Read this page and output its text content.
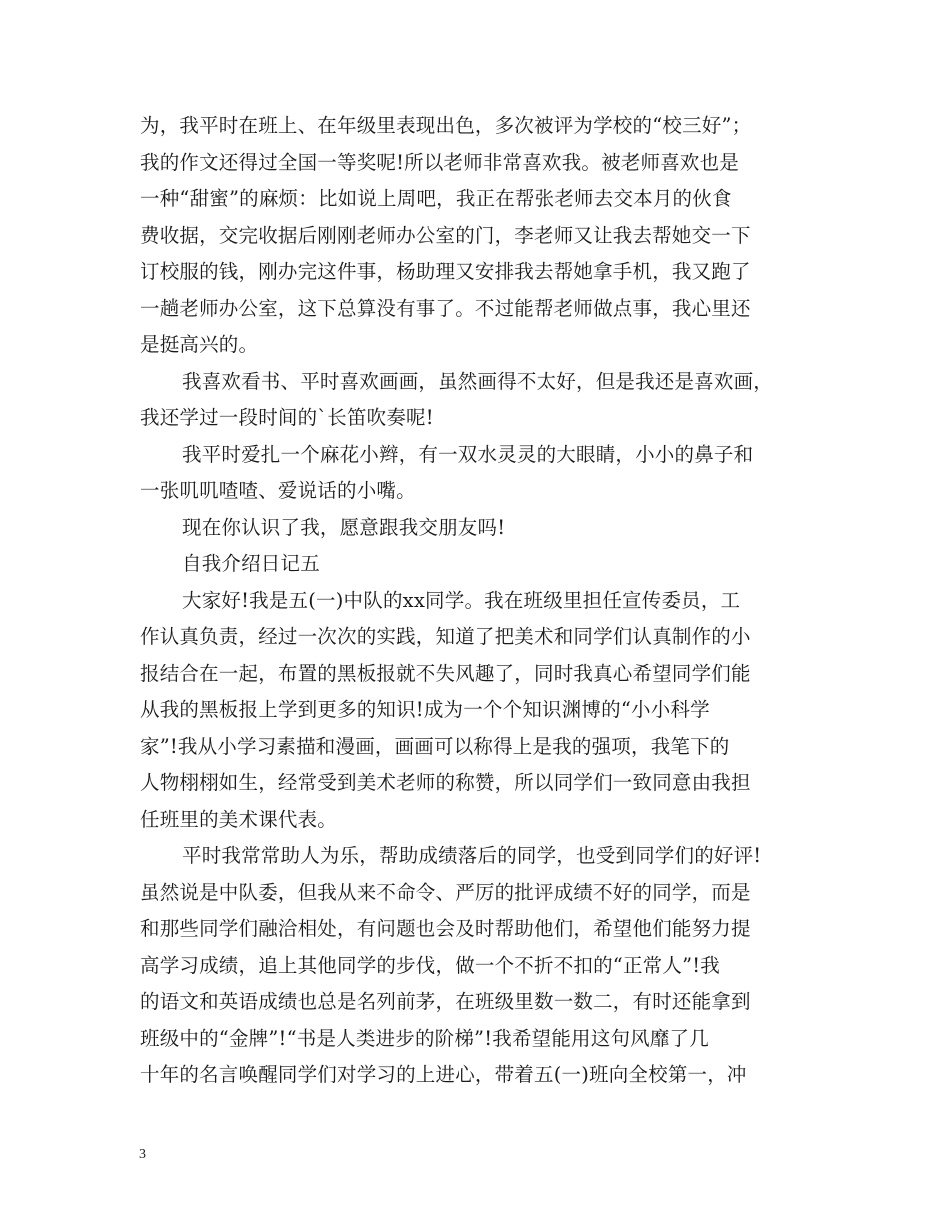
为，我平时在班上、在年级里表现出色，多次被评为学校的“校三好”；
我的作文还得过全国一等奖呢!所以老师非常喜欢我。被老师喜欢也是
一种“甜蜜”的麻烦：比如说上周吧，我正在帮张老师去交本月的伙食
费收据，交完收据后刚刚老师办公室的门，李老师又让我去帮她交一下
订校服的钱，刚办完这件事，杨助理又安排我去帮她拿手机，我又跑了
一趟老师办公室，这下总算没有事了。不过能帮老师做点事，我心里还
是挺高兴的。
我喜欢看书、平时喜欢画画，虽然画得不太好，但是我还是喜欢画，
我还学过一段时间的`长笛吹奏呢!
我平时爱扎一个麻花小辫，有一双水灵灵的大眼睛，小小的鼻子和
一张叽叽喳喳、爱说话的小嘴。
现在你认识了我，愿意跟我交朋友吗!
自我介绍日记五
大家好!我是五(一)中队的xx同学。我在班级里担任宣传委员，工
作认真负责，经过一次次的实践，知道了把美术和同学们认真制作的小
报结合在一起，布置的黑板报就不失风趣了，同时我真心希望同学们能
从我的黑板报上学到更多的知识!成为一个个知识渊博的“小小科学
家”!我从小学习素描和漫画，画画可以称得上是我的强项，我笔下的
人物栩栩如生，经常受到美术老师的称赞，所以同学们一致同意由我担
任班里的美术课代表。
平时我常常助人为乐，帮助成绩落后的同学，也受到同学们的好评!
虽然说是中队委，但我从来不命令、严厉的批评成绩不好的同学，而是
和那些同学们融洽相处，有问题也会及时帮助他们，希望他们能努力提
高学习成绩，追上其他同学的步伐，做一个不折不扣的“正常人”!我
的语文和英语成绩也总是名列前茅，在班级里数一数二，有时还能拿到
班级中的“金牌”!“书是人类进步的阶梯”!我希望能用这句风靡了几
十年的名言唤醒同学们对学习的上进心，带着五(一)班向全校第一，冲
3
